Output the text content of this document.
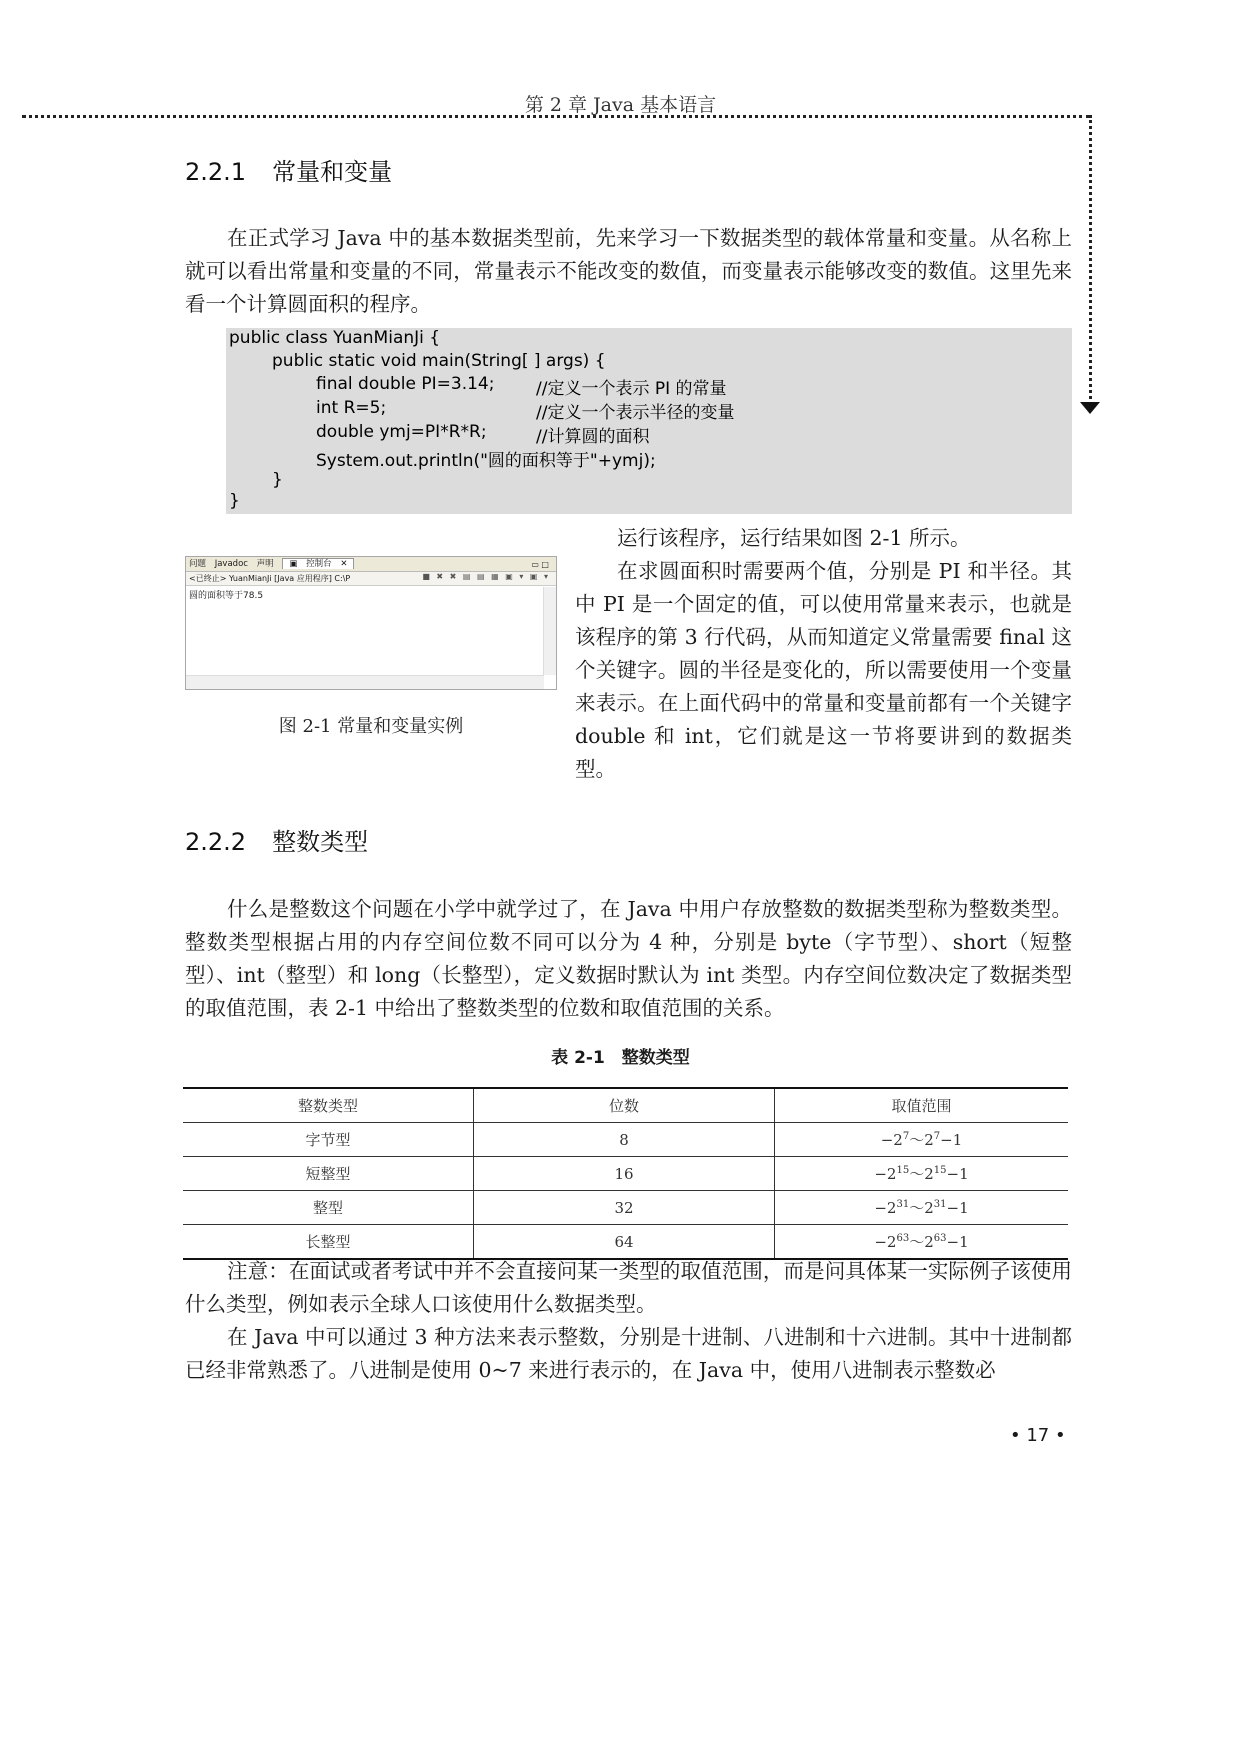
第 2 章 Java 基本语言
2.2.1 常量和变量
在正式学习 Java 中的基本数据类型前，先来学习一下数据类型的载体常量和变量。从名称上就可以看出常量和变量的不同，常量表示不能改变的数值，而变量表示能够改变的数值。这里先来看一个计算圆面积的程序。
public class YuanMianJi {
public static void main(String[ ] args) {
final double PI=3.14; //定义一个表示 PI 的常量
int R=5;	//定义一个表示半径的变量
double ymj=PI*R*R;	//计算圆的面积
System.out.println("圆的面积等于"+ymj);
}
}
问题 Javadoc 声明 ▣ 控制台 ✕	▭ □
<已终止> YuanMianJi [Java 应用程序] C:\P	■ ✖ ✖ ▤ ▤ ▦ ▣ ▾ ▣ ▾
圆的面积等于78.5
图 2-1 常量和变量实例
运行该程序，运行结果如图 2-1 所示。
在求圆面积时需要两个值，分别是 PI 和半径。其中 PI 是一个固定的值，可以使用常量来表示，也就是该程序的第 3 行代码，从而知道定义常量需要 final 这个关键字。圆的半径是变化的，所以需要使用一个变量来表示。在上面代码中的常量和变量前都有一个关键字 double 和 int，它们就是这一节将要讲到的数据类型。
2.2.2 整数类型
什么是整数这个问题在小学中就学过了，在 Java 中用户存放整数的数据类型称为整数类型。整数类型根据占用的内存空间位数不同可以分为 4 种，分别是 byte（字节型）、short（短整型）、int（整型）和 long（长整型），定义数据时默认为 int 类型。内存空间位数决定了数据类型的取值范围，表 2-1 中给出了整数类型的位数和取值范围的关系。
表 2-1　整数类型
整数类型	位数	取值范围
字节型	8	$-2^7\sim 2^7-1$
短整型	16	$-2^{15}\sim 2^{15}-1$
整型	32	$-2^{31}\sim 2^{31}-1$
长整型	64	$-2^{63}\sim 2^{63}-1$
注意：在面试或者考试中并不会直接问某一类型的取值范围，而是问具体某一实际例子该使用什么类型，例如表示全球人口该使用什么数据类型。
在 Java 中可以通过 3 种方法来表示整数，分别是十进制、八进制和十六进制。其中十进制都已经非常熟悉了。八进制是使用 0~7 来进行表示的，在 Java 中，使用八进制表示整数必
• 17 •
